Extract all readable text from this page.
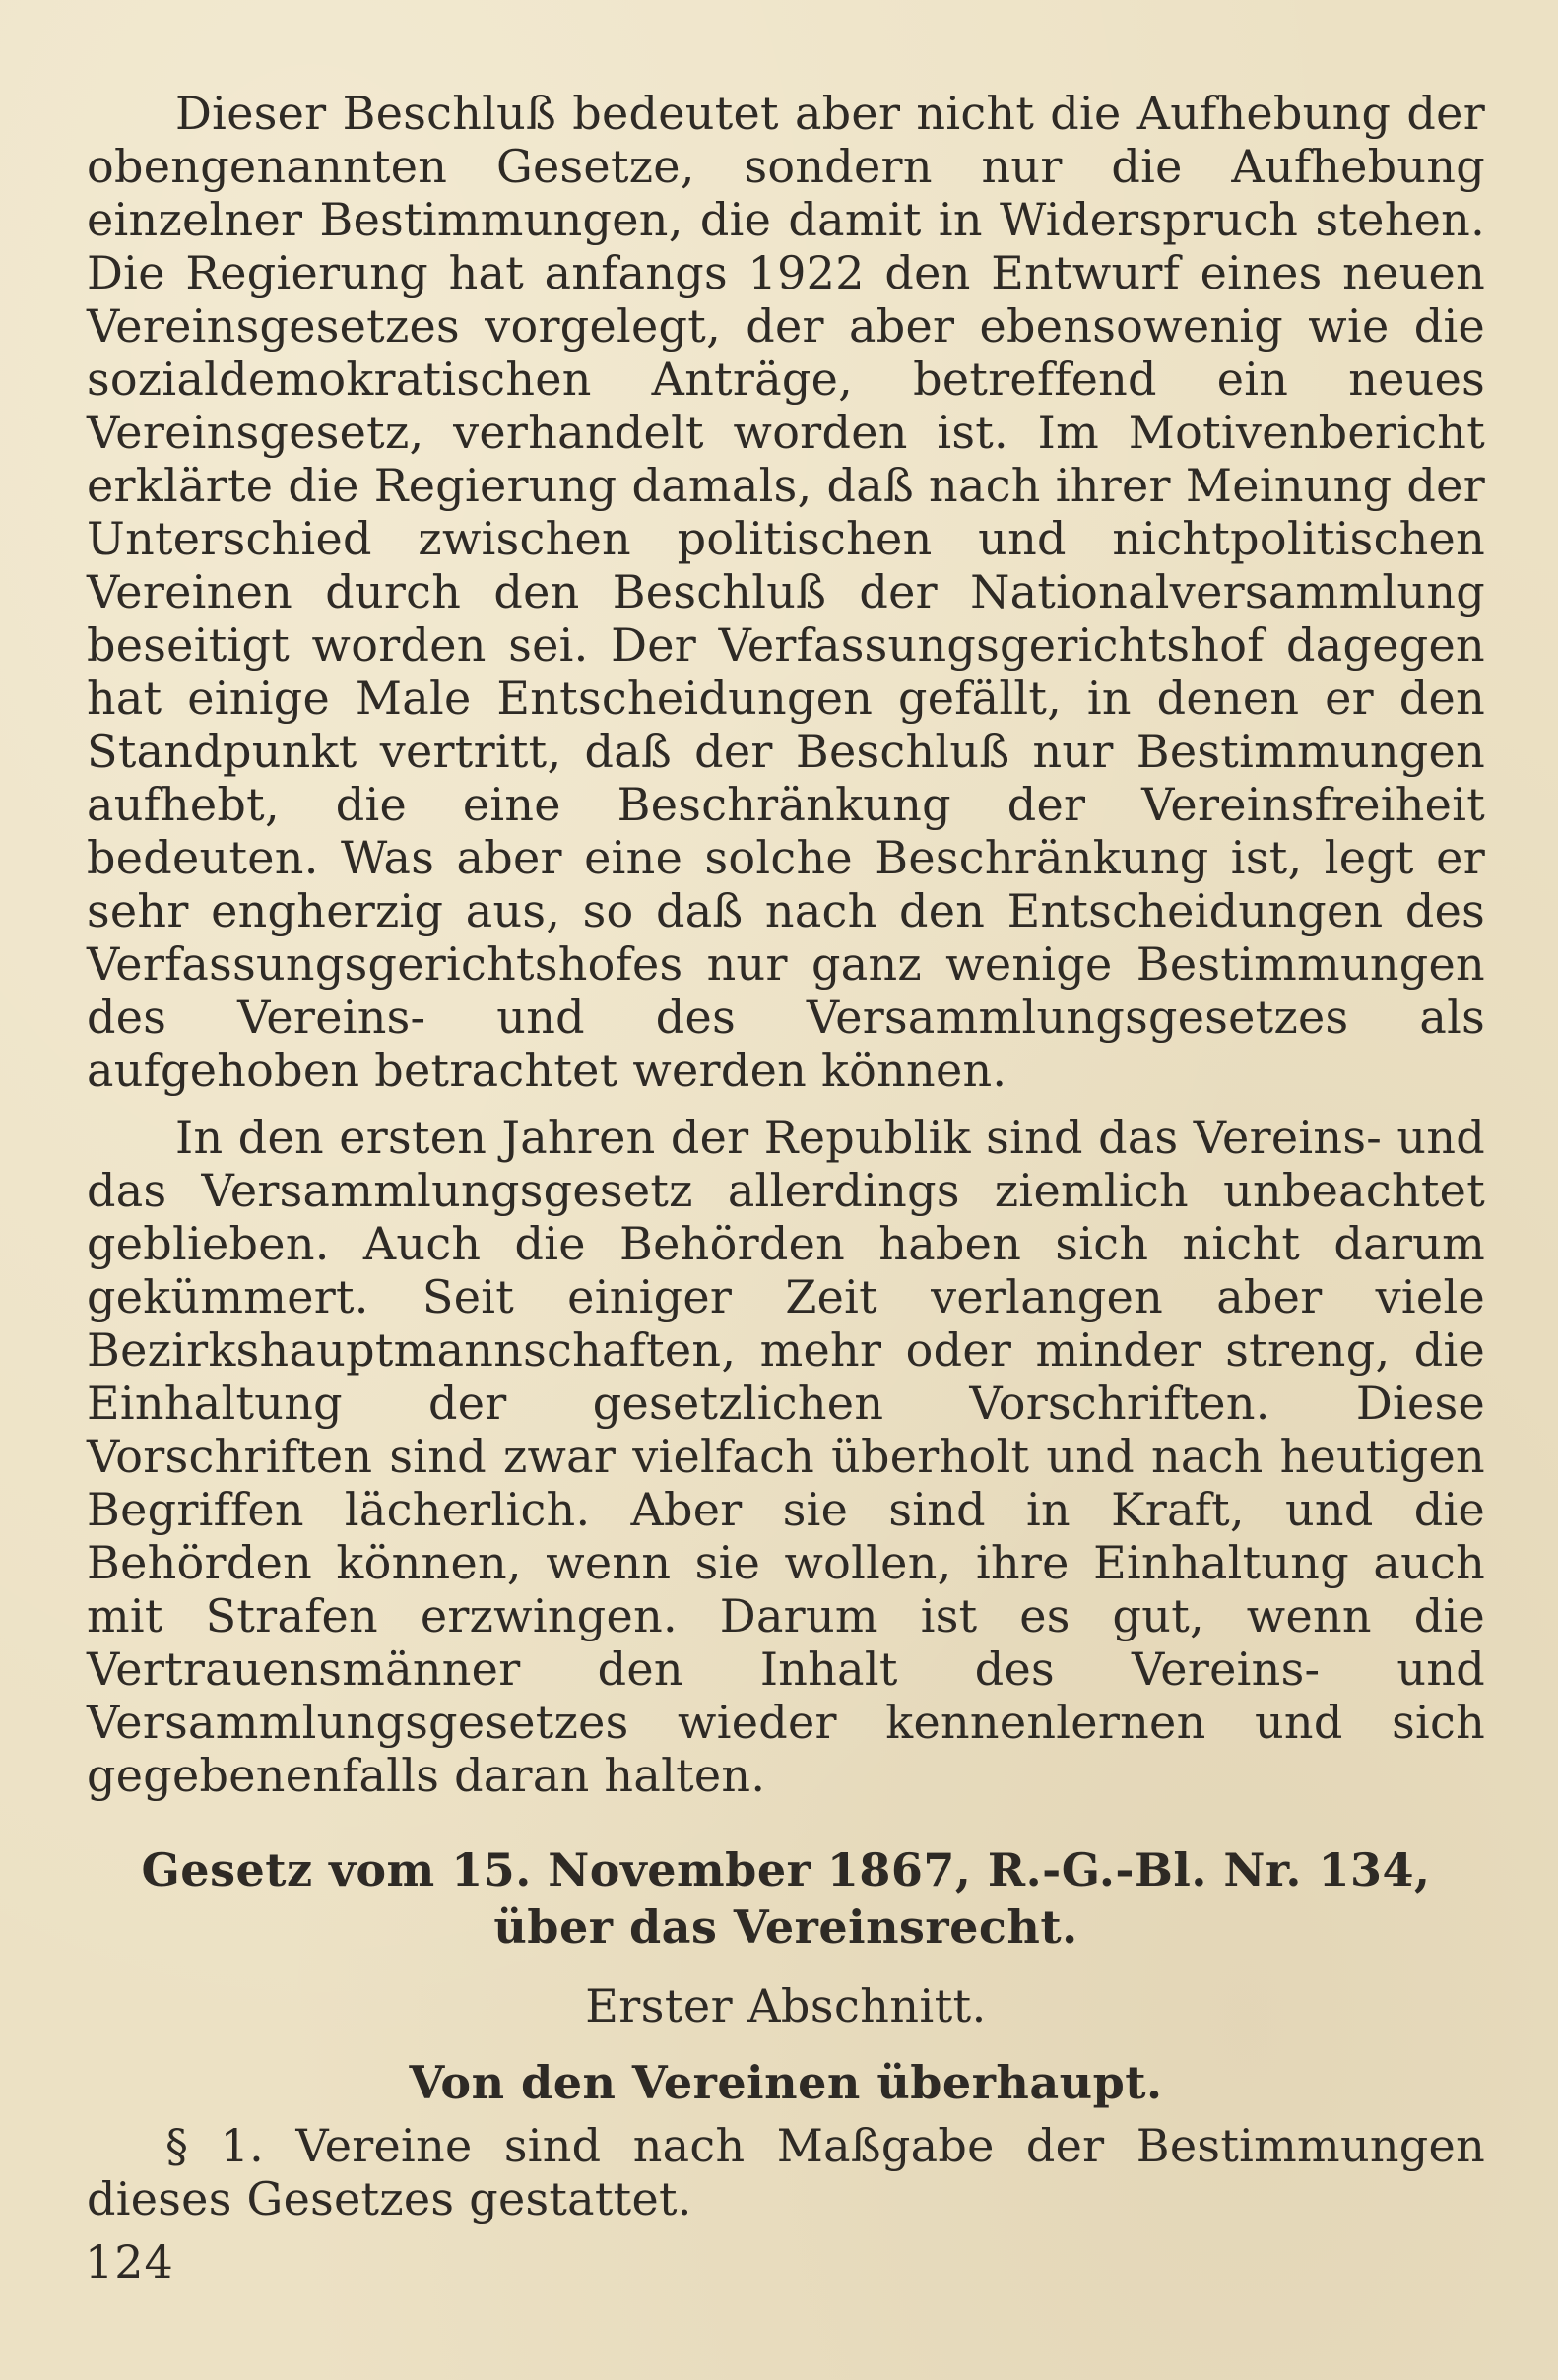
Dieser Beschluß bedeutet aber nicht die Aufhebung der obengenannten Gesetze, sondern nur die Aufhebung einzelner Bestimmungen, die damit in Widerspruch stehen. Die Regierung hat anfangs 1922 den Entwurf eines neuen Vereinsgesetzes vorgelegt, der aber ebensowenig wie die sozialdemokratischen Anträge, betreffend ein neues Vereinsgesetz, verhandelt worden ist. Im Motivenbericht erklärte die Regierung damals, daß nach ihrer Meinung der Unterschied zwischen politischen und nichtpolitischen Vereinen durch den Beschluß der Nationalversammlung beseitigt worden sei. Der Verfassungsgerichtshof dagegen hat einige Male Entscheidungen gefällt, in denen er den Standpunkt vertritt, daß der Beschluß nur Bestimmungen aufhebt, die eine Beschränkung der Vereinsfreiheit bedeuten. Was aber eine solche Beschränkung ist, legt er sehr engherzig aus, so daß nach den Entscheidungen des Verfassungsgerichtshofes nur ganz wenige Bestimmungen des Vereins- und des Versammlungsgesetzes als aufgehoben betrachtet werden können.

In den ersten Jahren der Republik sind das Vereins- und das Versammlungsgesetz allerdings ziemlich unbeachtet geblieben. Auch die Behörden haben sich nicht darum gekümmert. Seit einiger Zeit verlangen aber viele Bezirkshauptmannschaften, mehr oder minder streng, die Einhaltung der gesetzlichen Vorschriften. Diese Vorschriften sind zwar vielfach überholt und nach heutigen Begriffen lächerlich. Aber sie sind in Kraft, und die Behörden können, wenn sie wollen, ihre Einhaltung auch mit Strafen erzwingen. Darum ist es gut, wenn die Vertrauensmänner den Inhalt des Vereins- und Versammlungsgesetzes wieder kennenlernen und sich gegebenenfalls daran halten.

Gesetz vom 15. November 1867, R.-G.-Bl. Nr. 134,
über das Vereinsrecht.
Erster Abschnitt.
Von den Vereinen überhaupt.

§ 1. Vereine sind nach Maßgabe der Bestimmungen dieses Gesetzes gestattet.

124
